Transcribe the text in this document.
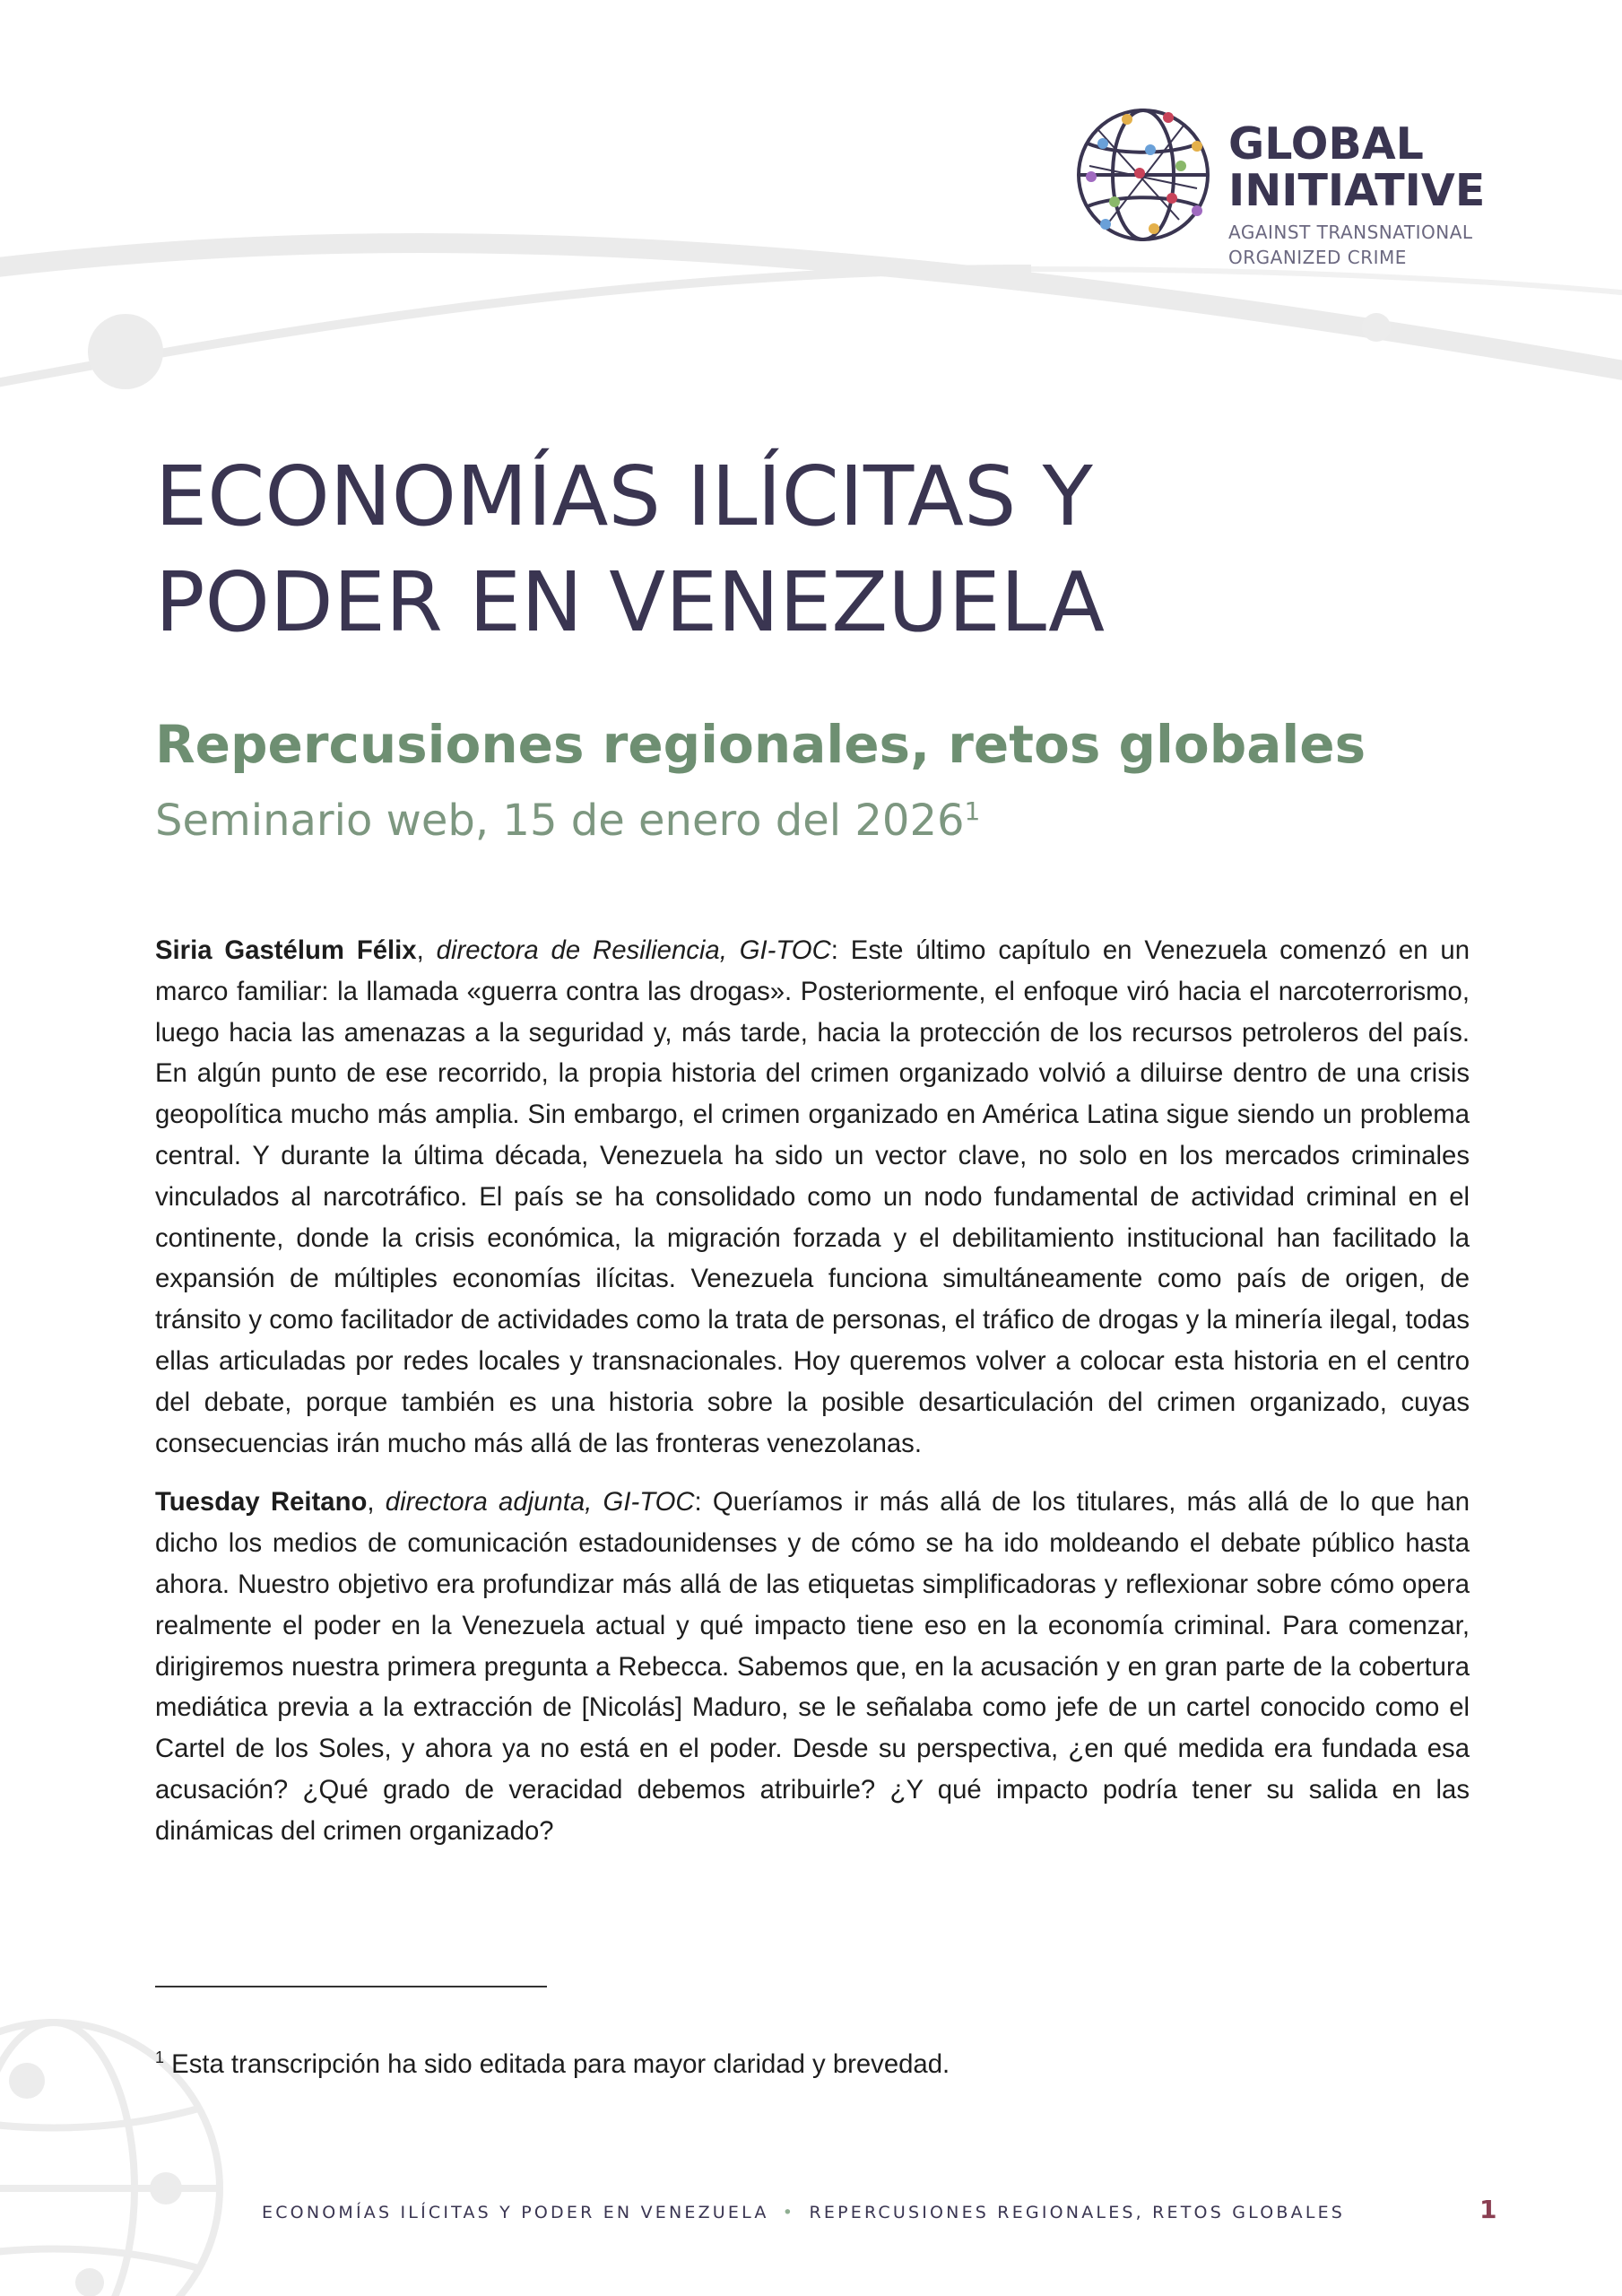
GLOBAL
INITIATIVE
AGAINST TRANSNATIONAL
ORGANIZED CRIME
ECONOMÍAS ILÍCITAS Y
PODER EN VENEZUELA
Repercusiones regionales, retos globales

Seminario web, 15 de enero del 2026$^1$

Siria Gastélum Félix, directora de Resiliencia, GI-TOC: Este último capítulo en Venezuela comenzó en un marco familiar: la llamada «guerra contra las drogas». Posteriormente, el enfoque viró hacia el narcoterrorismo, luego hacia las amenazas a la seguridad y, más tarde, hacia la protección de los recursos petroleros del país. En algún punto de ese recorrido, la propia historia del crimen organizado volvió a diluirse dentro de una crisis geopolítica mucho más amplia. Sin embargo, el crimen organizado en América Latina sigue siendo un problema central. Y durante la última década, Venezuela ha sido un vector clave, no solo en los mercados criminales vinculados al narcotráfico. El país se ha consolidado como un nodo fundamental de actividad criminal en el continente, donde la crisis económica, la migración forzada y el debilitamiento institucional han facilitado la expansión de múltiples economías ilícitas. Venezuela funciona simultáneamente como país de origen, de tránsito y como facilitador de actividades como la trata de personas, el tráfico de drogas y la minería ilegal, todas ellas articuladas por redes locales y transnacionales. Hoy queremos volver a colocar esta historia en el centro del debate, porque también es una historia sobre la posible desarticulación del crimen organizado, cuyas consecuencias irán mucho más allá de las fronteras venezolanas.

Tuesday Reitano, directora adjunta, GI-TOC: Queríamos ir más allá de los titulares, más allá de lo que han dicho los medios de comunicación estadounidenses y de cómo se ha ido moldeando el debate público hasta ahora. Nuestro objetivo era profundizar más allá de las etiquetas simplificadoras y reflexionar sobre cómo opera realmente el poder en la Venezuela actual y qué impacto tiene eso en la economía criminal. Para comenzar, dirigiremos nuestra primera pregunta a Rebecca. Sabemos que, en la acusación y en gran parte de la cobertura mediática previa a la extracción de [Nicolás] Maduro, se le señalaba como jefe de un cartel conocido como el Cartel de los Soles, y ahora ya no está en el poder. Desde su perspectiva, ¿en qué medida era fundada esa acusación? ¿Qué grado de veracidad debemos atribuirle? ¿Y qué impacto podría tener su salida en las dinámicas del crimen organizado?

$^1$ Esta transcripción ha sido editada para mayor claridad y brevedad.
ECONOMÍAS ILÍCITAS Y PODER EN VENEZUELA • REPERCUSIONES REGIONALES, RETOS GLOBALES	1
